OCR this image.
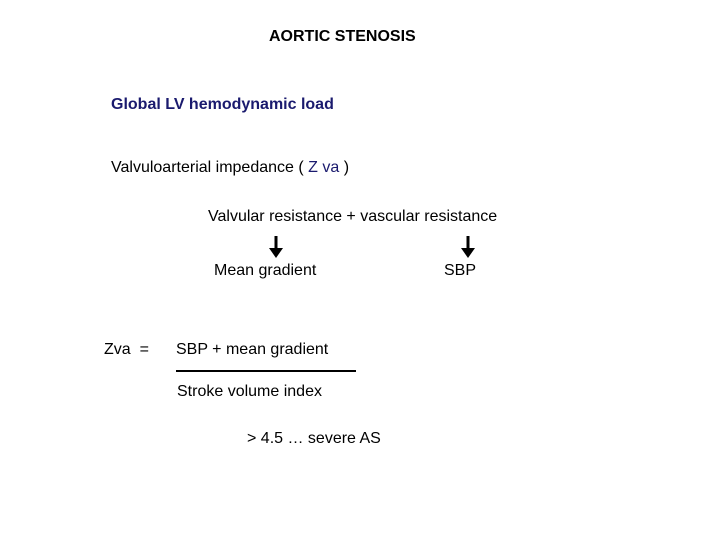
AORTIC STENOSIS
Global LV hemodynamic load
Valvuloarterial impedance ( Z va )
Valvular resistance + vascular resistance
Mean gradient	SBP
Zva  = SBP + mean gradient
Stroke volume index
> 4.5 … severe AS
